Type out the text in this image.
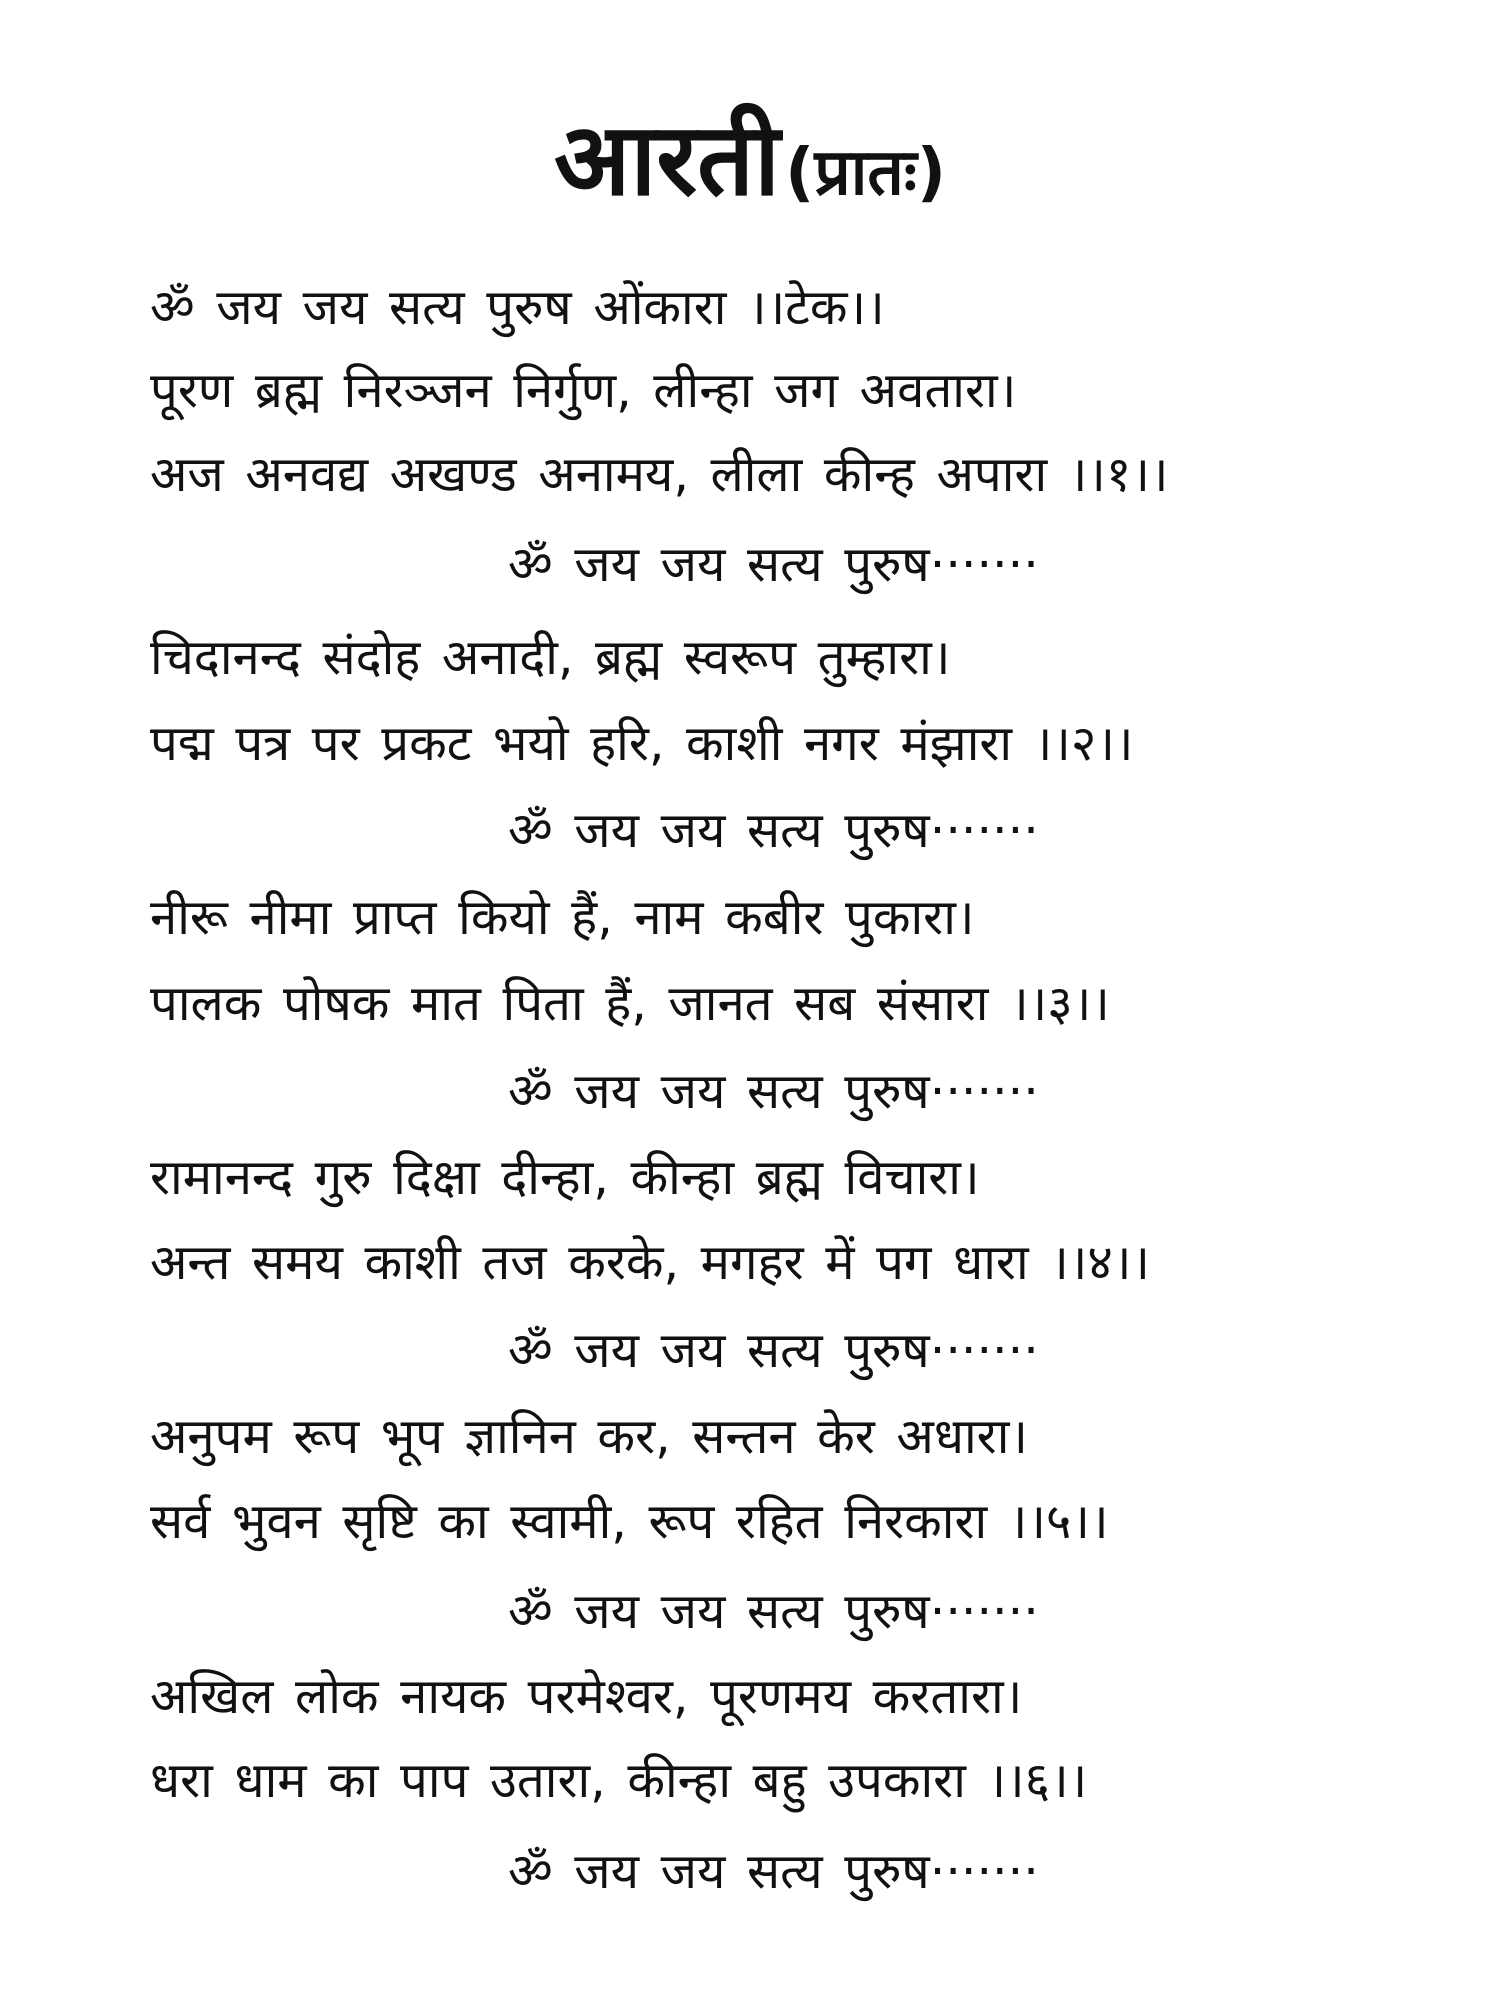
आरती (प्रातः)
ॐ जय जय सत्य पुरुष ओंकारा ।।टेक।।
पूरण ब्रह्म निरञ्जन निर्गुण, लीन्हा जग अवतारा।
अज अनवद्य अखण्ड अनामय, लीला कीन्ह अपारा ।।१।।
ॐ जय जय सत्य पुरुष·······
चिदानन्द संदोह अनादी, ब्रह्म स्वरूप तुम्हारा।
पद्म पत्र पर प्रकट भयो हरि, काशी नगर मंझारा ।।२।।
ॐ जय जय सत्य पुरुष·······
नीरू नीमा प्राप्त कियो हैं, नाम कबीर पुकारा।
पालक पोषक मात पिता हैं, जानत सब संसारा ।।३।।
ॐ जय जय सत्य पुरुष·······
रामानन्द गुरु दिक्षा दीन्हा, कीन्हा ब्रह्म विचारा।
अन्त समय काशी तज करके, मगहर में पग धारा ।।४।।
ॐ जय जय सत्य पुरुष·······
अनुपम रूप भूप ज्ञानिन कर, सन्तन केर अधारा।
सर्व भुवन सृष्टि का स्वामी, रूप रहित निरकारा ।।५।।
ॐ जय जय सत्य पुरुष·······
अखिल लोक नायक परमेश्वर, पूरणमय करतारा।
धरा धाम का पाप उतारा, कीन्हा बहु उपकारा ।।६।।
ॐ जय जय सत्य पुरुष·······
